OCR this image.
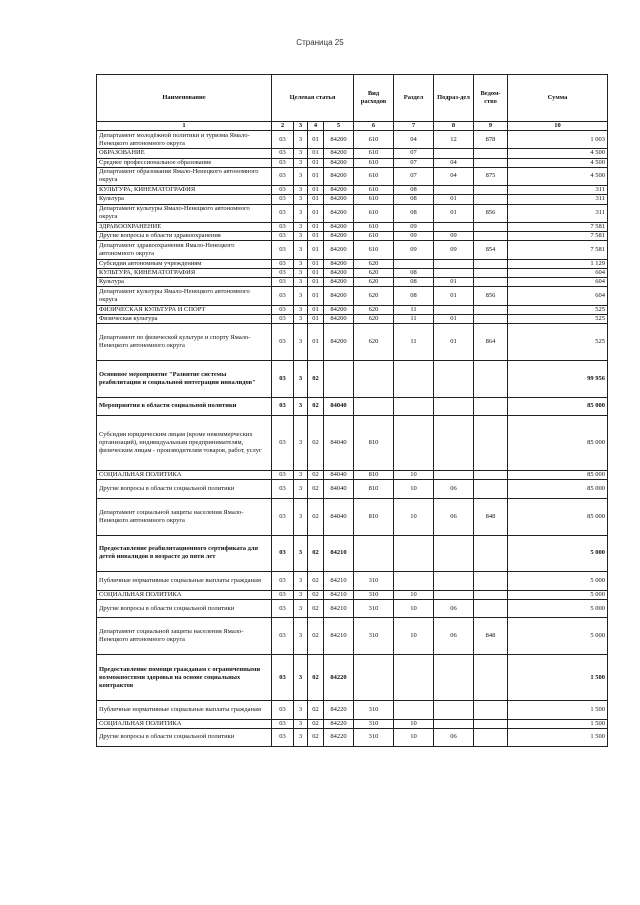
Страница 25
Наименование	Целевая статья				Вид расходов	Раздел	Подраз-дел	Ведом-ство	Сумма
1	2	3	4	5	6	7	8	9	10
Департамент молодёжной политики и туризма Ямало-Ненецкого автономного округа	03	3	01	84200	610	04	12	878	1 003
ОБРАЗОВАНИЕ	03	3	01	84200	610	07			4 500
Среднее профессиональное образование	03	3	01	84200	610	07	04		4 500
Департамент образования Ямало-Ненецкого автономного округа	03	3	01	84200	610	07	04	875	4 500
КУЛЬТУРА, КИНЕМАТОГРАФИЯ	03	3	01	84200	610	08			311
Культура	03	3	01	84200	610	08	01		311
Департамент культуры Ямало-Ненецкого автономного округа	03	3	01	84200	610	08	01	856	311
ЗДРАВООХРАНЕНИЕ	03	3	01	84200	610	09			7 581
Другие вопросы в области здравоохранения	03	3	01	84200	610	09	09		7 581
Департамент здравоохранения Ямало-Ненецкого автономного округа	03	3	01	84200	610	09	09	854	7 581
Субсидии автономным учреждениям	03	3	01	84200	620				1 129
КУЛЬТУРА, КИНЕМАТОГРАФИЯ	03	3	01	84200	620	08			604
Культура	03	3	01	84200	620	08	01		604
Департамент культуры Ямало-Ненецкого автономного округа	03	3	01	84200	620	08	01	856	604
ФИЗИЧЕСКАЯ КУЛЬТУРА И СПОРТ	03	3	01	84200	620	11			525
Физическая культура	03	3	01	84200	620	11	01		525
Департамент по физической культуре и спорту Ямало-Ненецкого автономного округа	03	3	01	84200	620	11	01	864	525
Основное мероприятие "Развитие системы реабилитации и социальной интеграции инвалидов"	03	3	02						99 956
Мероприятия в области социальной политики	03	3	02	84040					85 000
Субсидии юридическим лицам (кроме некоммерческих организаций), индивидуальным предпринимателям, физическим лицам - производителям товаров, работ, услуг	03	3	02	84040	810				85 000
СОЦИАЛЬНАЯ ПОЛИТИКА	03	3	02	84040	810	10			85 000
Другие вопросы в области социальной политики	03	3	02	84040	810	10	06		85 000
Департамент социальной защиты населения Ямало-Ненецкого автономного округа	03	3	02	84040	810	10	06	848	85 000
Предоставление реабилитационного сертификата для детей инвалидов в возрасте до пяти лет	03	3	02	84210					5 000
Публичные нормативные социальные выплаты гражданам	03	3	02	84210	310				5 000
СОЦИАЛЬНАЯ ПОЛИТИКА	03	3	02	84210	310	10			5 000
Другие вопросы в области социальной политики	03	3	02	84210	310	10	06		5 000
Департамент социальной защиты населения Ямало-Ненецкого автономного округа	03	3	02	84210	310	10	06	848	5 000
Предоставление помощи гражданам с ограниченными возможностями здоровья на основе социальных контрактов	03	3	02	84220					1 500
Публичные нормативные социальные выплаты гражданам	03	3	02	84220	310				1 500
СОЦИАЛЬНАЯ ПОЛИТИКА	03	3	02	84220	310	10			1 500
Другие вопросы в области социальной политики	03	3	02	84220	310	10	06		1 500
